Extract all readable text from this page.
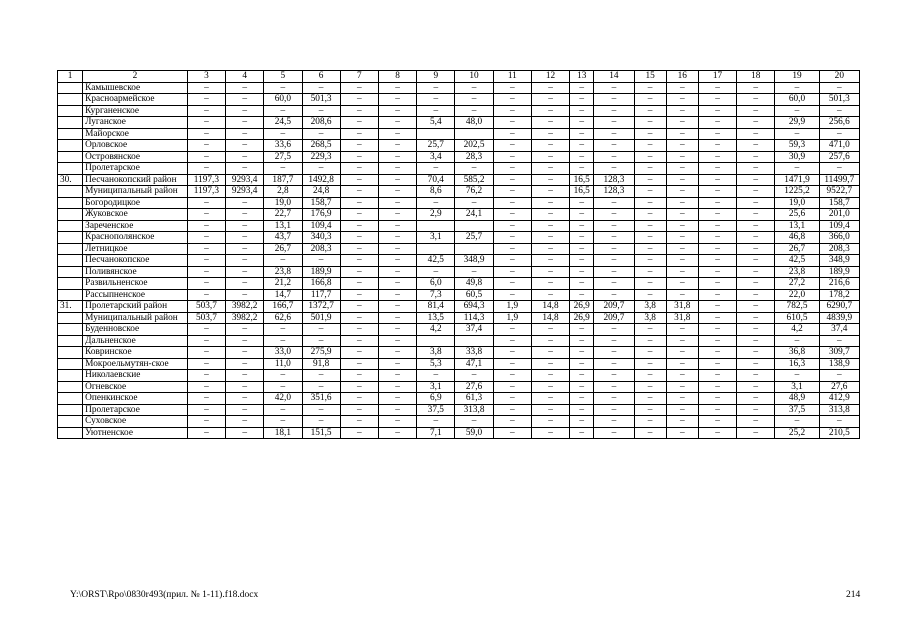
1	2	3	4	5	6	7	8	9	10	11	12	13	14	15	16	17	18	19	20
	Камышевское	–	–	–	–	–	–	–	–	–	–	–	–	–	–	–	–	–	–
	Красноармейское	–	–	60,0	501,3	–	–	–	–	–	–	–	–	–	–	–	–	60,0	501,3
	Курганенское	–	–	–	–	–	–	–	–	–	–	–	–	–	–	–	–	–	–
	Луганское	–	–	24,5	208,6	–	–	5,4	48,0	–	–	–	–	–	–	–	–	29,9	256,6
	Майорское	–	–	–	–	–	–			–	–	–	–	–	–	–	–	–	–
	Орловское	–	–	33,6	268,5	–	–	25,7	202,5	–	–	–	–	–	–	–	–	59,3	471,0
	Островянское	–	–	27,5	229,3	–	–	3,4	28,3	–	–	–	–	–	–	–	–	30,9	257,6
	Пролетарское	–	–	–	–	–	–	–	–	–	–	–	–	–	–	–	–	–	–
30.	Песчанокопский район	1197,3	9293,4	187,7	1492,8	–	–	70,4	585,2	–	–	16,5	128,3	–	–	–	–	1471,9	11499,7
	Муниципальный район	1197,3	9293,4	2,8	24,8	–	–	8,6	76,2	–	–	16,5	128,3	–	–	–	–	1225,2	9522,7
	Богородицкое	–	–	19,0	158,7	–	–	–	–	–	–	–	–	–	–	–	–	19,0	158,7
	Жуковское	–	–	22,7	176,9	–	–	2,9	24,1	–	–	–	–	–	–	–	–	25,6	201,0
	Зареченское	–	–	13,1	109,4	–	–			–	–	–	–	–	–	–	–	13,1	109,4
	Краснополянское	–	–	43,7	340,3	–	–	3,1	25,7	–	–	–	–	–	–	–	–	46,8	366,0
	Летницкое	–	–	26,7	208,3	–	–			–	–	–	–	–	–	–	–	26,7	208,3
	Песчанокопское	–	–	–	–	–	–	42,5	348,9	–	–	–	–	–	–	–	–	42,5	348,9
	Поливянское	–	–	23,8	189,9	–	–	–	–	–	–	–	–	–	–	–	–	23,8	189,9
	Развильненское	–	–	21,2	166,8	–	–	6,0	49,8	–	–	–	–	–	–	–	–	27,2	216,6
	Рассыпненское	–	–	14,7	117,7	–	–	7,3	60,5	–	–	–	–	–	–	–	–	22,0	178,2
31.	Пролетарский район	503,7	3982,2	166,7	1372,7	–	–	81,4	694,3	1,9	14,8	26,9	209,7	3,8	31,8	–	–	782,5	6290,7
	Муниципальный район	503,7	3982,2	62,6	501,9	–	–	13,5	114,3	1,9	14,8	26,9	209,7	3,8	31,8	–	–	610,5	4839,9
	Буденновское	–	–	–	–	–	–	4,2	37,4	–	–	–	–	–	–	–	–	4,2	37,4
	Дальненское	–	–	–	–	–	–			–	–	–	–	–	–	–	–	–	–
	Ковринское	–	–	33,0	275,9	–	–	3,8	33,8	–	–	–	–	–	–	–	–	36,8	309,7
	Мокроельмутян-ское	–	–	11,0	91,8	–	–	5,3	47,1	–	–	–	–	–	–	–	–	16,3	138,9
	Николаевские	–	–	–	–	–	–	–	–	–	–	–	–	–	–	–	–	–	–
	Огневское	–	–	–	–	–	–	3,1	27,6	–	–	–	–	–	–	–	–	3,1	27,6
	Опенкинское	–	–	42,0	351,6	–	–	6,9	61,3	–	–	–	–	–	–	–	–	48,9	412,9
	Пролетарское	–	–	–	–	–	–	37,5	313,8	–	–	–	–	–	–	–	–	37,5	313,8
	Суховское	–	–	–	–	–	–	–	–	–	–	–	–	–	–	–	–	–	–
	Уютненское	–	–	18,1	151,5	–	–	7,1	59,0	–	–	–	–	–	–	–	–	25,2	210,5
Y:\ORST\Rpo\0830r493(прил. № 1-11).f18.docx	214
